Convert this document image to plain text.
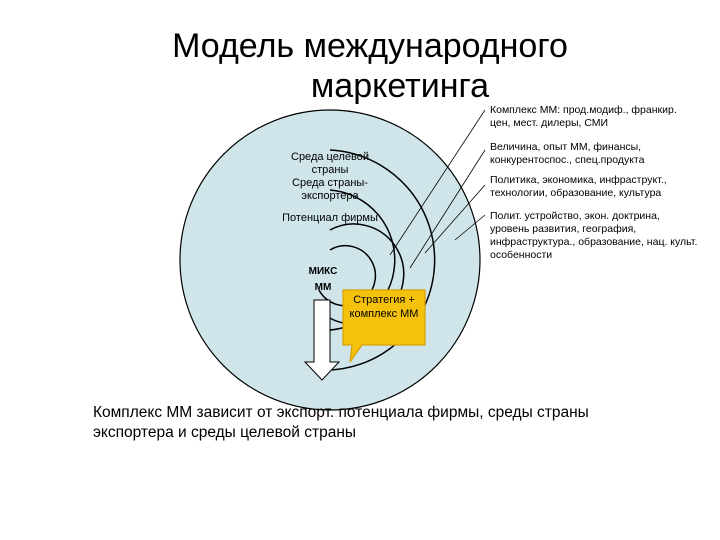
Модель международного
маркетинга
Среда целевой страны
Среда страны-экспортера
Потенциал фирмы
МИКС ММ
Стратегия + комплекс ММ
Комплекс ММ: прод.модиф., франкир. цен, мест. дилеры, СМИ
Величина, опыт ММ, финансы, конкурентоспос., спец.продукта
Политика, экономика, инфраструкт., технологии, образование, культура
Полит. устройство, экон. доктрина, уровень развития, география, инфраструктура., образование, нац. культ. особенности
Комплекс ММ зависит от экспорт. потенциала фирмы, среды страны экспортера и среды целевой страны
